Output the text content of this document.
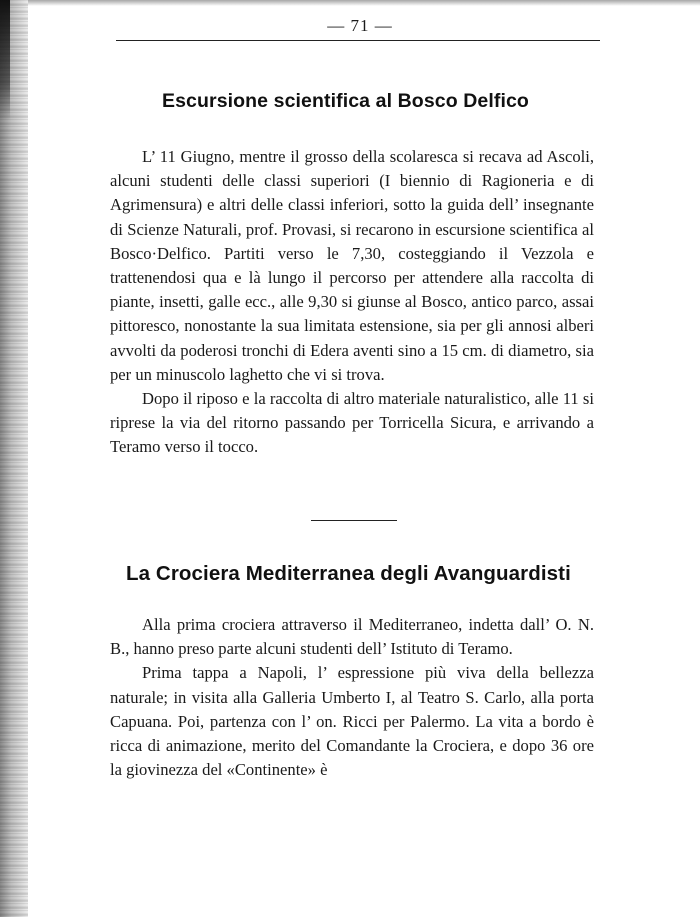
— 71 —
Escursione scientifica al Bosco Delfico

L’ 11 Giugno, mentre il grosso della scolaresca si recava ad Ascoli, alcuni studenti delle classi superiori (I biennio di Ragioneria e di Agrimensura) e altri delle classi inferiori, sotto la guida dell’ insegnante di Scienze Naturali, prof. Provasi, si recarono in escursione scientifica al Bosco·Delfico. Partiti verso le 7,30, costeggiando il Vezzola e trattenendosi qua e là lungo il percorso per attendere alla raccolta di piante, insetti, galle ecc., alle 9,30 si giunse al Bosco, antico parco, assai pittoresco, nonostante la sua limitata estensione, sia per gli annosi alberi avvolti da poderosi tronchi di Edera aventi sino a 15 cm. di diametro, sia per un minuscolo laghetto che vi si trova.

Dopo il riposo e la raccolta di altro materiale naturalistico, alle 11 si riprese la via del ritorno passando per Torricella Sicura, e arrivando a Teramo verso il tocco.

La Crociera Mediterranea degli Avanguardisti

Alla prima crociera attraverso il Mediterraneo, indetta dall’ O. N. B., hanno preso parte alcuni studenti dell’ Istituto di Teramo.

Prima tappa a Napoli, l’ espressione più viva della bellezza naturale; in visita alla Galleria Umberto I, al Teatro S. Carlo, alla porta Capuana. Poi, partenza con l’ on. Ricci per Palermo. La vita a bordo è ricca di animazione, merito del Comandante la Crociera, e dopo 36 ore la giovinezza del «Continente» è
